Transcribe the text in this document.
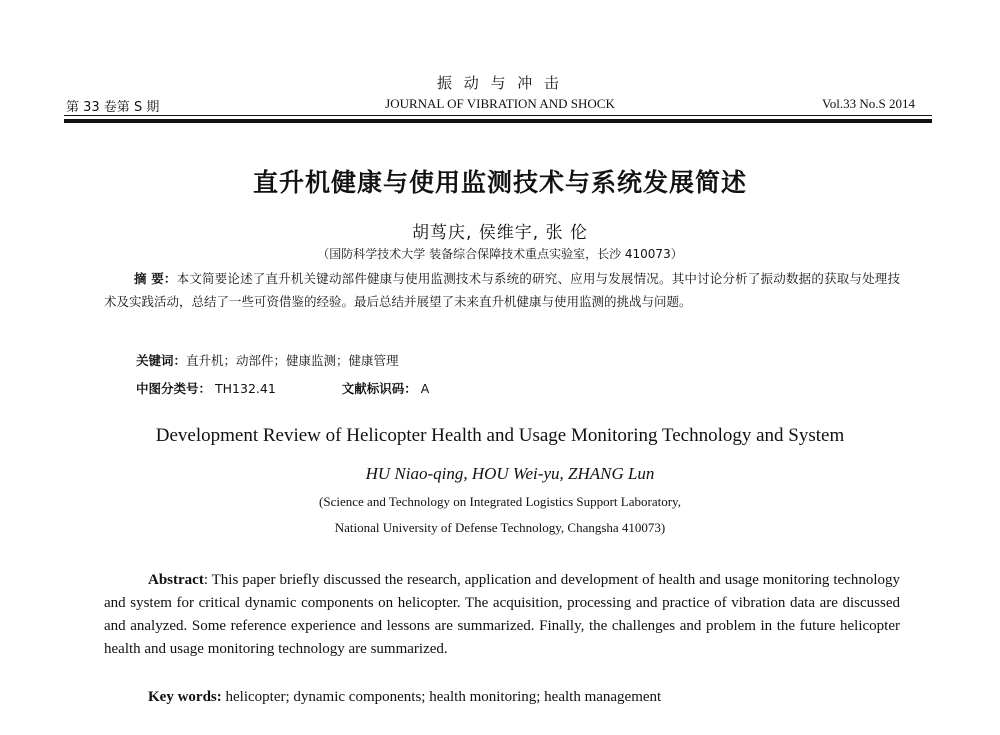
振 动 与 冲 击
第 33 卷第 S 期	JOURNAL OF VIBRATION AND SHOCK	Vol.33 No.S 2014
直升机健康与使用监测技术与系统发展简述
胡茑庆, 侯维宇, 张 伦
（国防科学技术大学 装备综合保障技术重点实验室，长沙 410073）
摘 要：本文简要论述了直升机关键动部件健康与使用监测技术与系统的研究、应用与发展情况。其中讨论分析了振动数据的获取与处理技术及实践活动，总结了一些可资借鉴的经验。最后总结并展望了未来直升机健康与使用监测的挑战与问题。
关键词：直升机；动部件；健康监测；健康管理
中图分类号： TH132.41	文献标识码： A
Development Review of Helicopter Health and Usage Monitoring Technology and System
HU Niao-qing, HOU Wei-yu, ZHANG Lun
(Science and Technology on Integrated Logistics Support Laboratory,
National University of Defense Technology, Changsha 410073)
Abstract: This paper briefly discussed the research, application and development of health and usage monitoring technology and system for critical dynamic components on helicopter. The acquisition, processing and practice of vibration data are discussed and analyzed. Some reference experience and lessons are summarized. Finally, the challenges and problem in the future helicopter health and usage monitoring technology are summarized.
Key words: helicopter; dynamic components; health monitoring; health management
